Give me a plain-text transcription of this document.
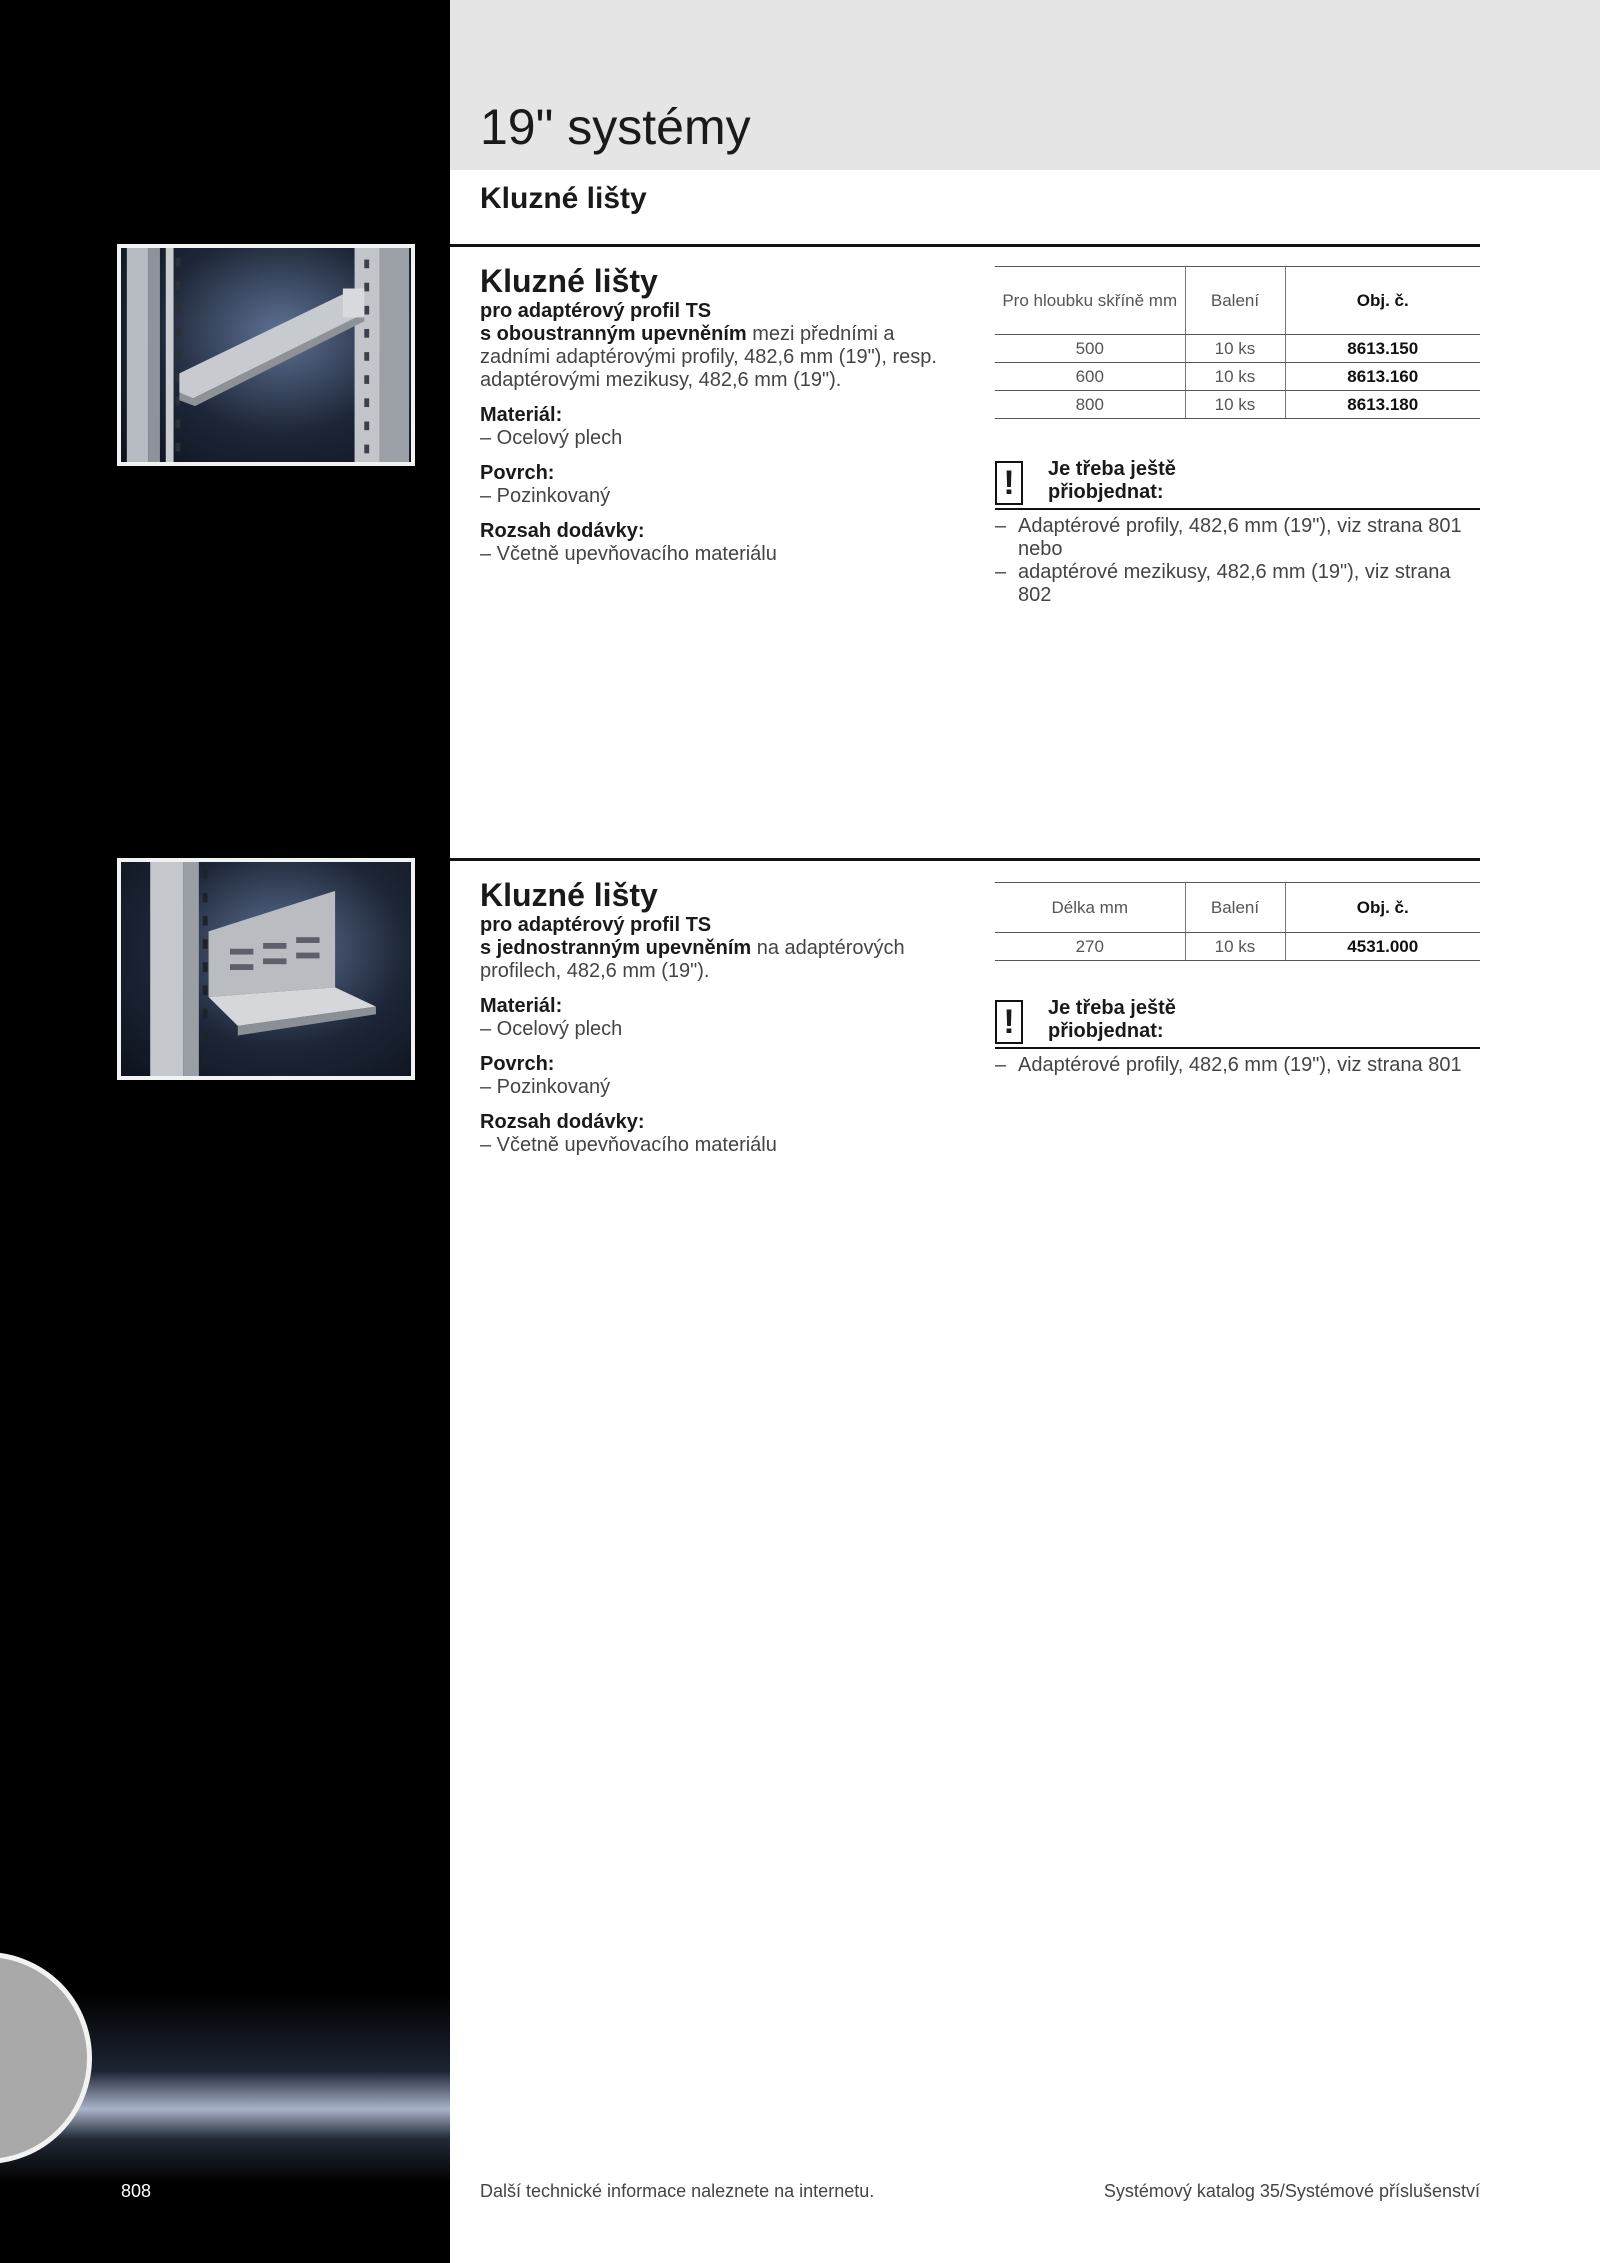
19" systémy
Kluzné lišty
Kluzné lišty
pro adaptérový profil TS
s oboustranným upevněním mezi předními a zadními adaptérovými profily, 482,6 mm (19"), resp. adaptérovými mezikusy, 482,6 mm (19").
Materiál:
– Ocelový plech
Povrch:
– Pozinkovaný
Rozsah dodávky:
– Včetně upevňovacího materiálu
Pro hloubku skříně mm	Balení	Obj. č.
500	10 ks	8613.150
600	10 ks	8613.160
800	10 ks	8613.180
!	Je třeba ještě
přiobjednat:
– Adaptérové profily, 482,6 mm (19"), viz strana 801 nebo
– adaptérové mezikusy, 482,6 mm (19"), viz strana 802
Kluzné lišty
pro adaptérový profil TS
s jednostranným upevněním na adaptérových profilech, 482,6 mm (19").
Materiál:
– Ocelový plech
Povrch:
– Pozinkovaný
Rozsah dodávky:
– Včetně upevňovacího materiálu
Délka mm	Balení	Obj. č.
270	10 ks	4531.000
!	Je třeba ještě
přiobjednat:
– Adaptérové profily, 482,6 mm (19"), viz strana 801
808	Další technické informace naleznete na internetu.	Systémový katalog 35/Systémové příslušenství
